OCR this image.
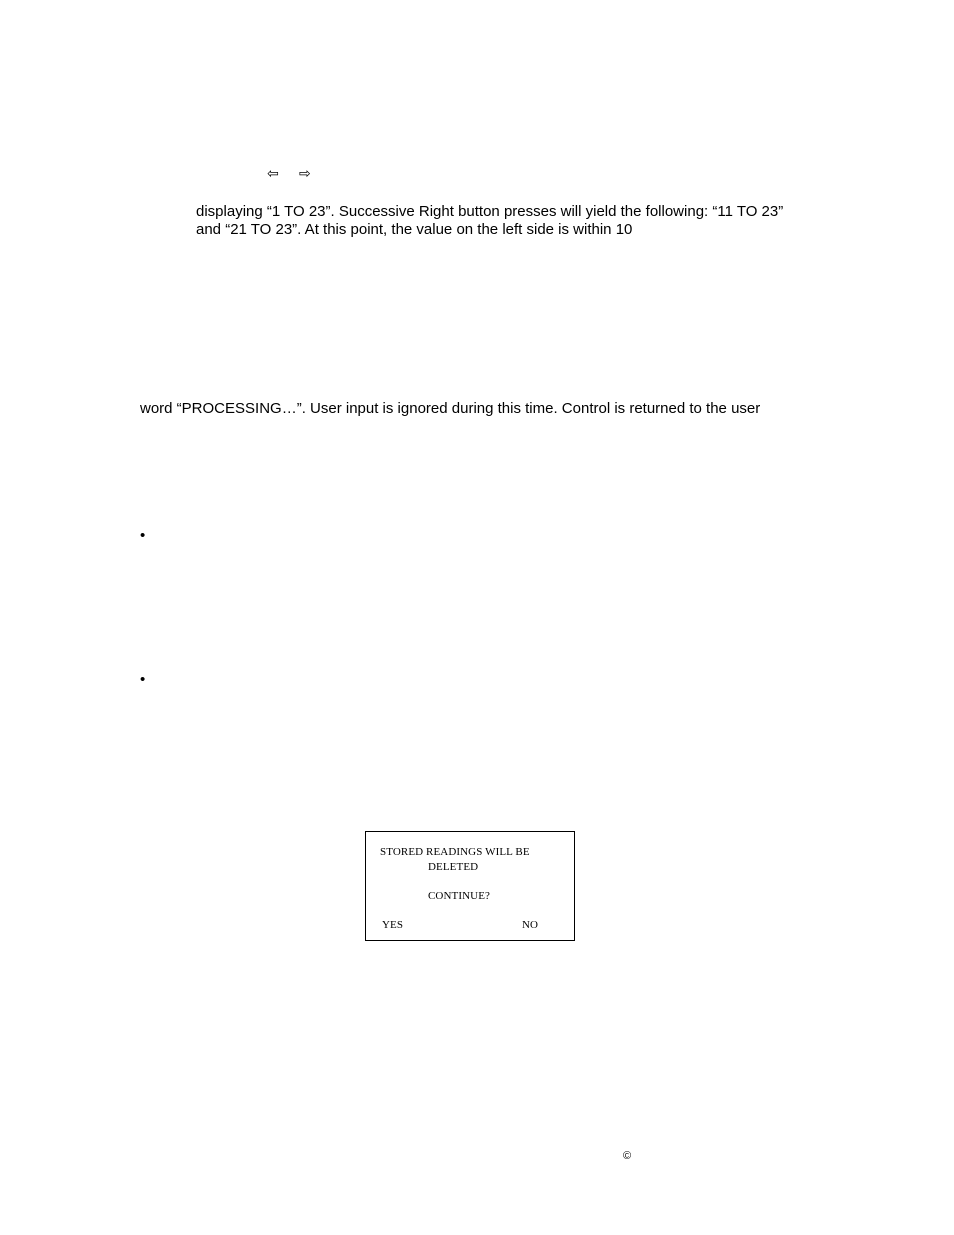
⇦ ⇨
displaying “1 TO 23”. Successive Right button presses will yield the following: “11 TO 23”
and “21 TO 23”. At this point, the value on the left side is within 10
word “PROCESSING…”. User input is ignored during this time. Control is returned to the user
•
•
STORED READINGS WILL BE
DELETED
CONTINUE?
YES	NO
©
